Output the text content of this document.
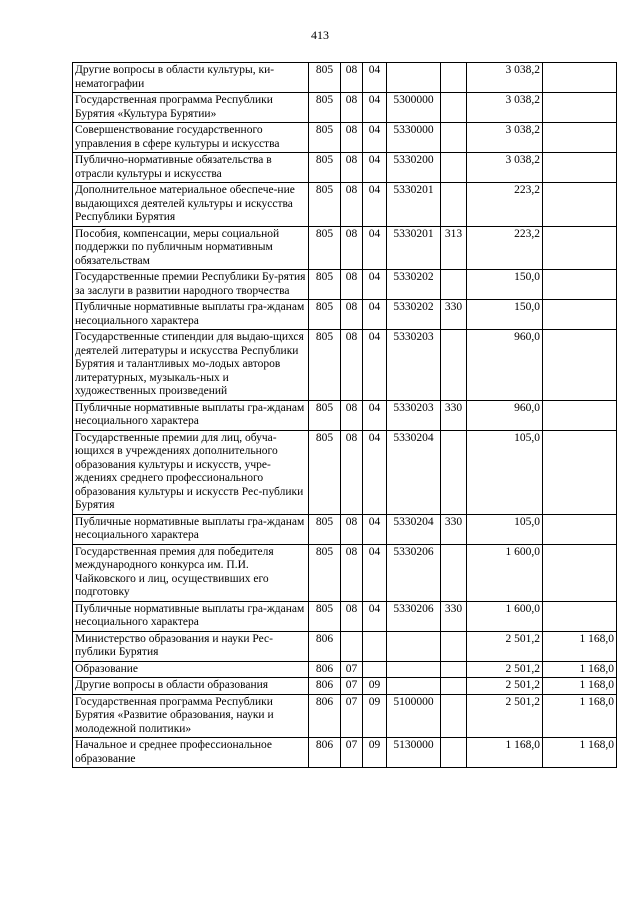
413
Другие вопросы в области культуры, ки-нематографии	805	08	04			3 038,2	
Государственная программа Республики Бурятия «Культура Бурятии»	805	08	04	5300000		3 038,2	
Совершенствование государственного управления в сфере культуры и искусства	805	08	04	5330000		3 038,2	
Публично-нормативные обязательства в отрасли культуры и искусства	805	08	04	5330200		3 038,2	
Дополнительное материальное обеспече-ние выдающихся деятелей культуры и искусства Республики Бурятия	805	08	04	5330201		223,2	
Пособия, компенсации, меры социальной поддержки по публичным нормативным обязательствам	805	08	04	5330201	313	223,2	
Государственные премии Республики Бу-рятия за заслуги в развитии народного творчества	805	08	04	5330202		150,0	
Публичные нормативные выплаты гра-жданам несоциального характера	805	08	04	5330202	330	150,0	
Государственные стипендии для выдаю-щихся деятелей литературы и искусства Республики Бурятия и талантливых мо-лодых авторов литературных, музыкаль-ных и художественных произведений	805	08	04	5330203		960,0	
Публичные нормативные выплаты гра-жданам несоциального характера	805	08	04	5330203	330	960,0	
Государственные премии для лиц, обуча-ющихся в учреждениях дополнительного образования культуры и искусств, учре-ждениях среднего профессионального образования культуры и искусств Рес-публики Бурятия	805	08	04	5330204		105,0	
Публичные нормативные выплаты гра-жданам несоциального характера	805	08	04	5330204	330	105,0	
Государственная премия для победителя международного конкурса им. П.И. Чайковского и лиц, осуществивших его подготовку	805	08	04	5330206		1 600,0	
Публичные нормативные выплаты гра-жданам несоциального характера	805	08	04	5330206	330	1 600,0	
Министерство образования и науки Рес-публики Бурятия	806					2 501,2	1 168,0
Образование	806	07				2 501,2	1 168,0
Другие вопросы в области образования	806	07	09			2 501,2	1 168,0
Государственная программа Республики Бурятия «Развитие образования, науки и молодежной политики»	806	07	09	5100000		2 501,2	1 168,0
Начальное и среднее профессиональное образование	806	07	09	5130000		1 168,0	1 168,0
